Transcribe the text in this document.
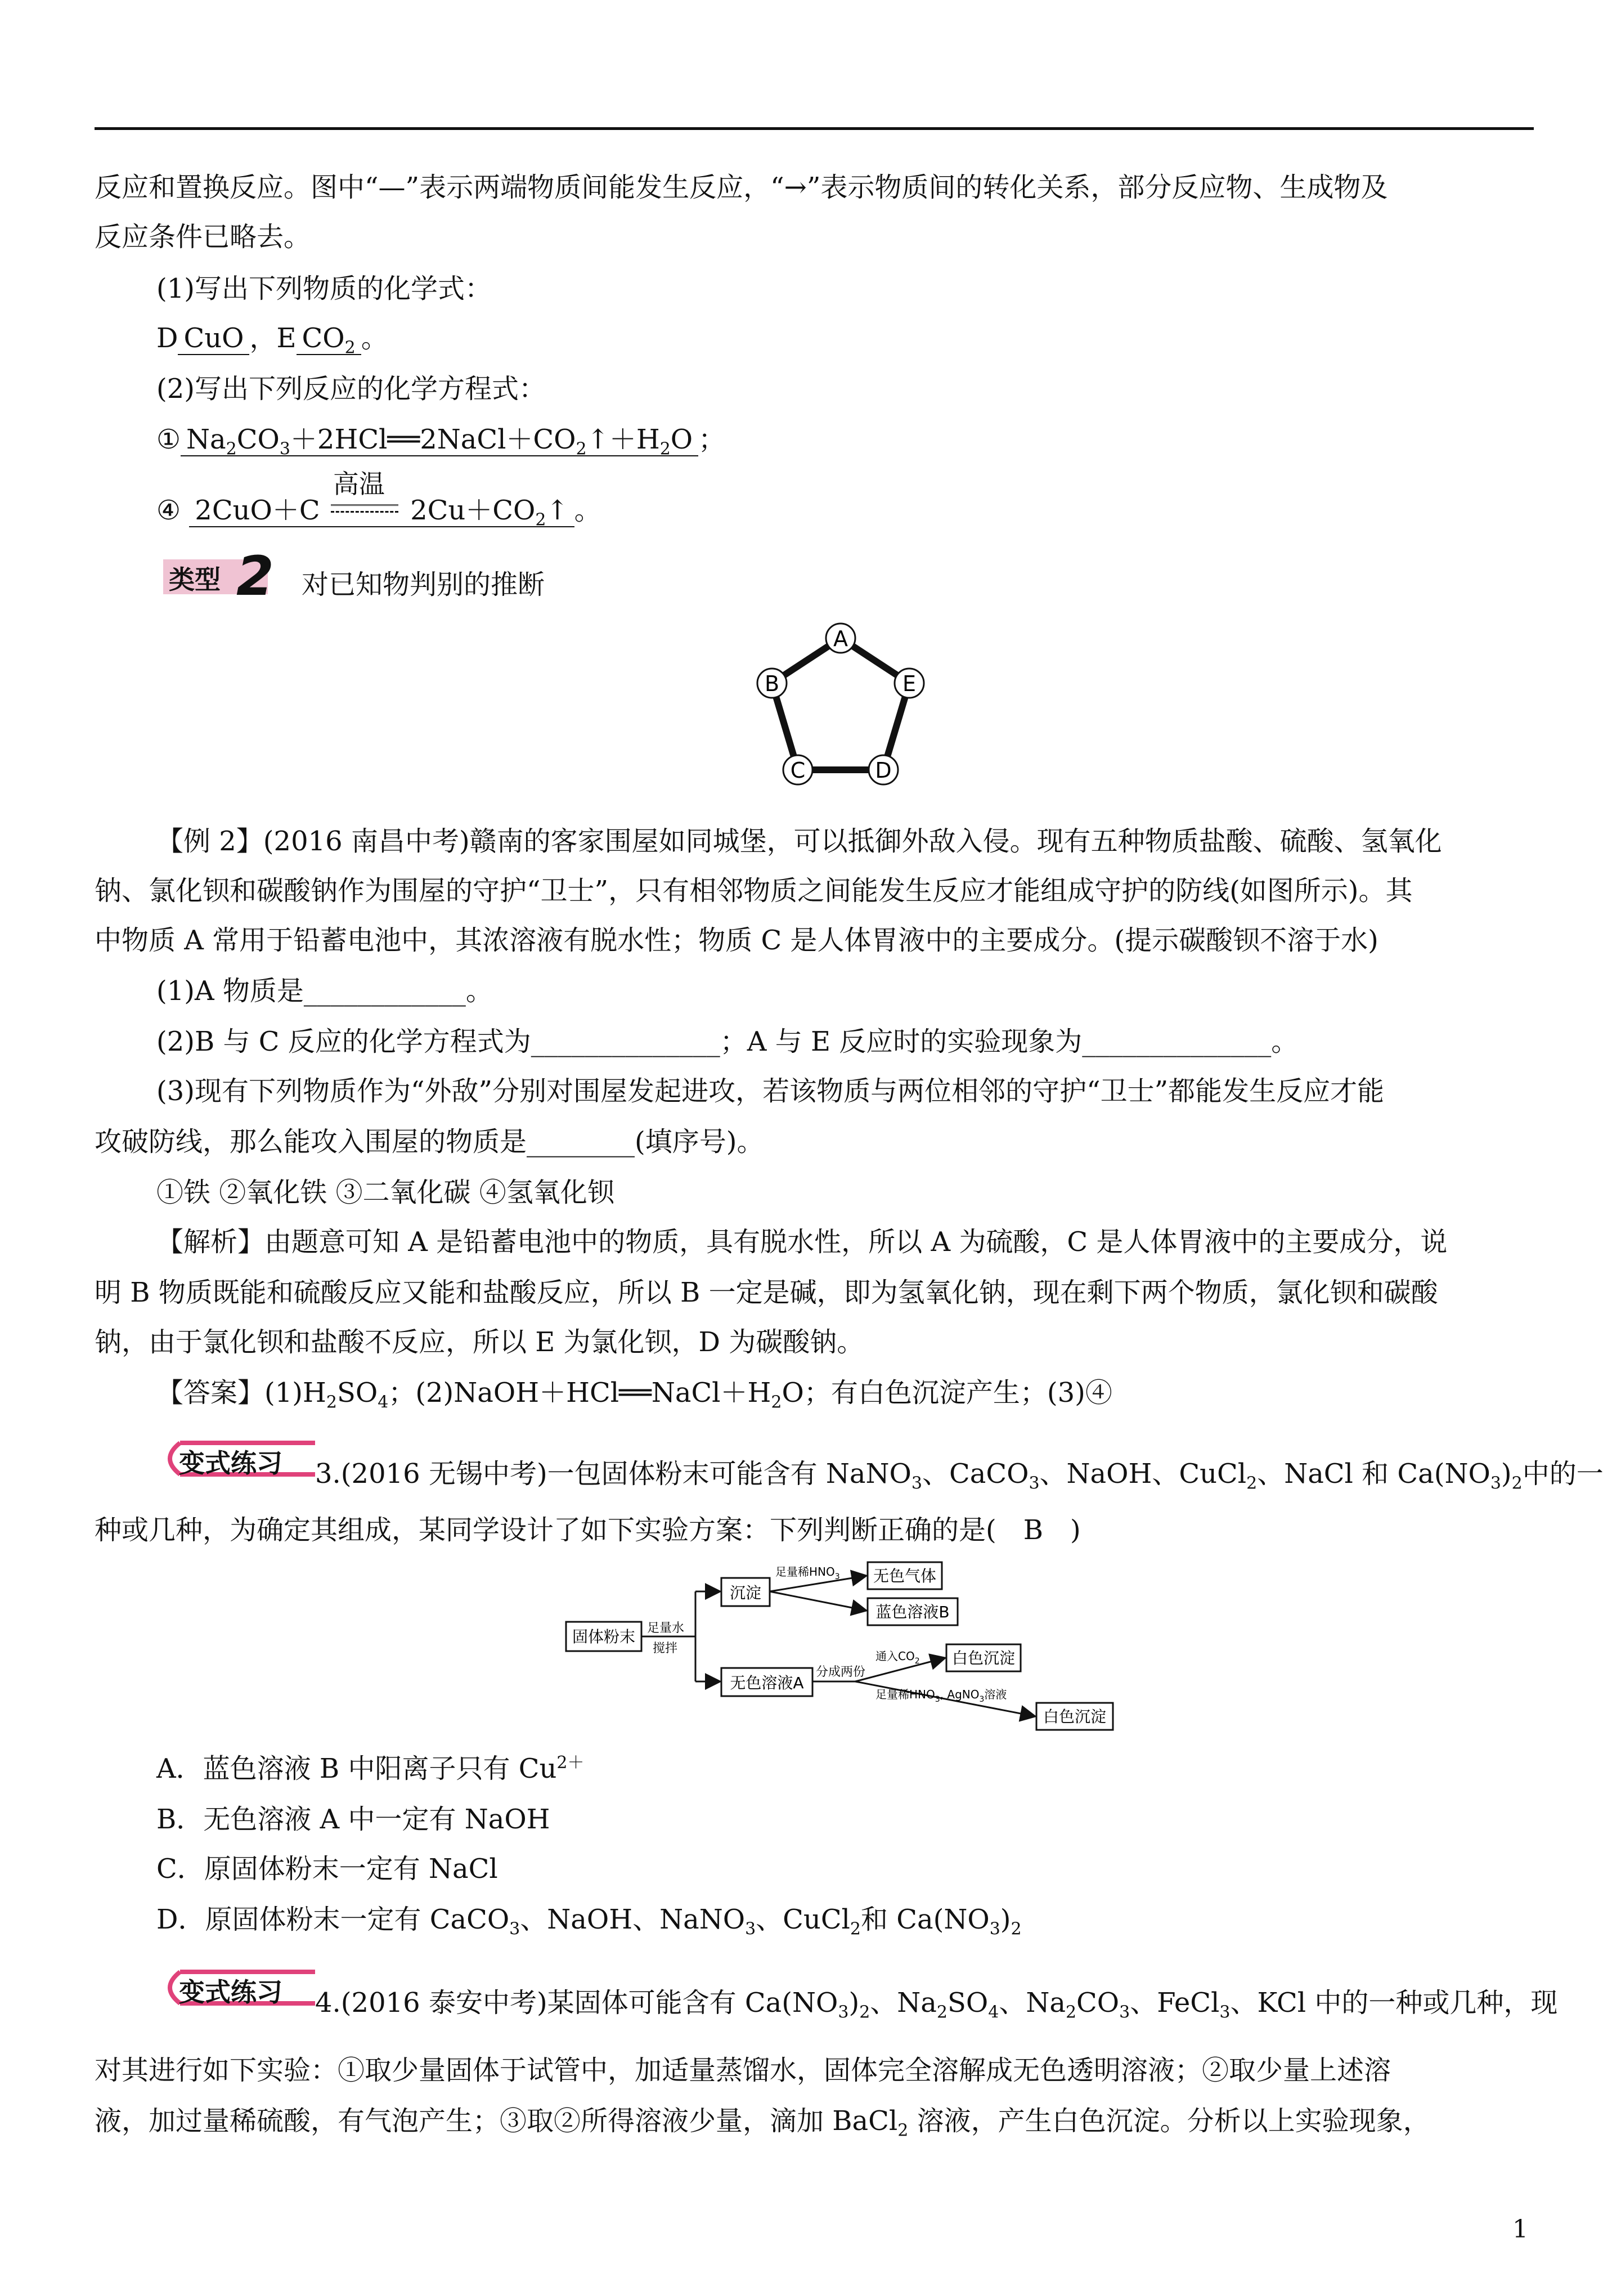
反应和置换反应。图中“—”表示两端物质间能发生反应，“→”表示物质间的转化关系，部分反应物、生成物及
反应条件已略去。
(1)写出下列物质的化学式：
D CuO ，E $CO_2$ 。
(2)写出下列反应的化学方程式：
① $Na_2CO_3+2HCl══2NaCl+CO_2↑+H_2O$ ；
④ 2CuO＋C
高温
$2Cu+CO_2↑$ 。
类型 2 对已知物判别的推断
A
E
D
C
B
【例 2】(2016 南昌中考)赣南的客家围屋如同城堡，可以抵御外敌入侵。现有五种物质盐酸、硫酸、氢氧化
钠、氯化钡和碳酸钠作为围屋的守护“卫士”，只有相邻物质之间能发生反应才能组成守护的防线(如图所示)。其
中物质 A 常用于铅蓄电池中，其浓溶液有脱水性；物质 C 是人体胃液中的主要成分。(提示碳酸钡不溶于水)
(1)A 物质是____________。
(2)B 与 C 反应的化学方程式为______________；A 与 E 反应时的实验现象为______________。
(3)现有下列物质作为“外敌”分别对围屋发起进攻，若该物质与两位相邻的守护“卫士”都能发生反应才能
攻破防线，那么能攻入围屋的物质是________(填序号)。
①铁 ②氧化铁 ③二氧化碳 ④氢氧化钡
【解析】由题意可知 A 是铅蓄电池中的物质，具有脱水性，所以 A 为硫酸，C 是人体胃液中的主要成分，说
明 B 物质既能和硫酸反应又能和盐酸反应，所以 B 一定是碱，即为氢氧化钠，现在剩下两个物质，氯化钡和碳酸
钠，由于氯化钡和盐酸不反应，所以 E 为氯化钡，D 为碳酸钠。
【答案】$(1)H_2SO_4$；$(2)NaOH+HCl══NaCl+H_2O$；有白色沉淀产生；(3)④
变式练习 3.(2016 无锡中考)一包固体粉末可能含有 NaNO$_3$、CaCO$_3$、NaOH、CuCl$_2$、NaCl 和 $Ca(NO_3)_2$中的一
种或几种，为确定其组成，某同学设计了如下实验方案：下列判断正确的是(　B　)
固体粉末 足量水
搅拌
沉淀
足量稀$HNO_3$ 无色气体
蓝色溶液B
无色溶液A
分成两份
通入$CO_2$ 白色沉淀
足量稀$HNO_3$, AgNO$_3$溶液
白色沉淀
A．蓝色溶液 B 中阳离子只有 $Cu^{2+}$
B．无色溶液 A 中一定有 NaOH
C．原固体粉末一定有 NaCl
D．原固体粉末一定有 CaCO$_3$、NaOH、NaNO$_3$、CuCl$_2$和 $Ca(NO_3)_2$
变式练习 4.(2016 泰安中考)某固体可能含有 $Ca(NO_3)_2$、$Na_2SO_4$、$Na_2CO_3$、FeCl$_3$、KCl 中的一种或几种，现
对其进行如下实验：①取少量固体于试管中，加适量蒸馏水，固体完全溶解成无色透明溶液；②取少量上述溶
液，加过量稀硫酸，有气泡产生；③取②所得溶液少量，滴加 BaCl$_2$ 溶液，产生白色沉淀。分析以上实验现象，
1
